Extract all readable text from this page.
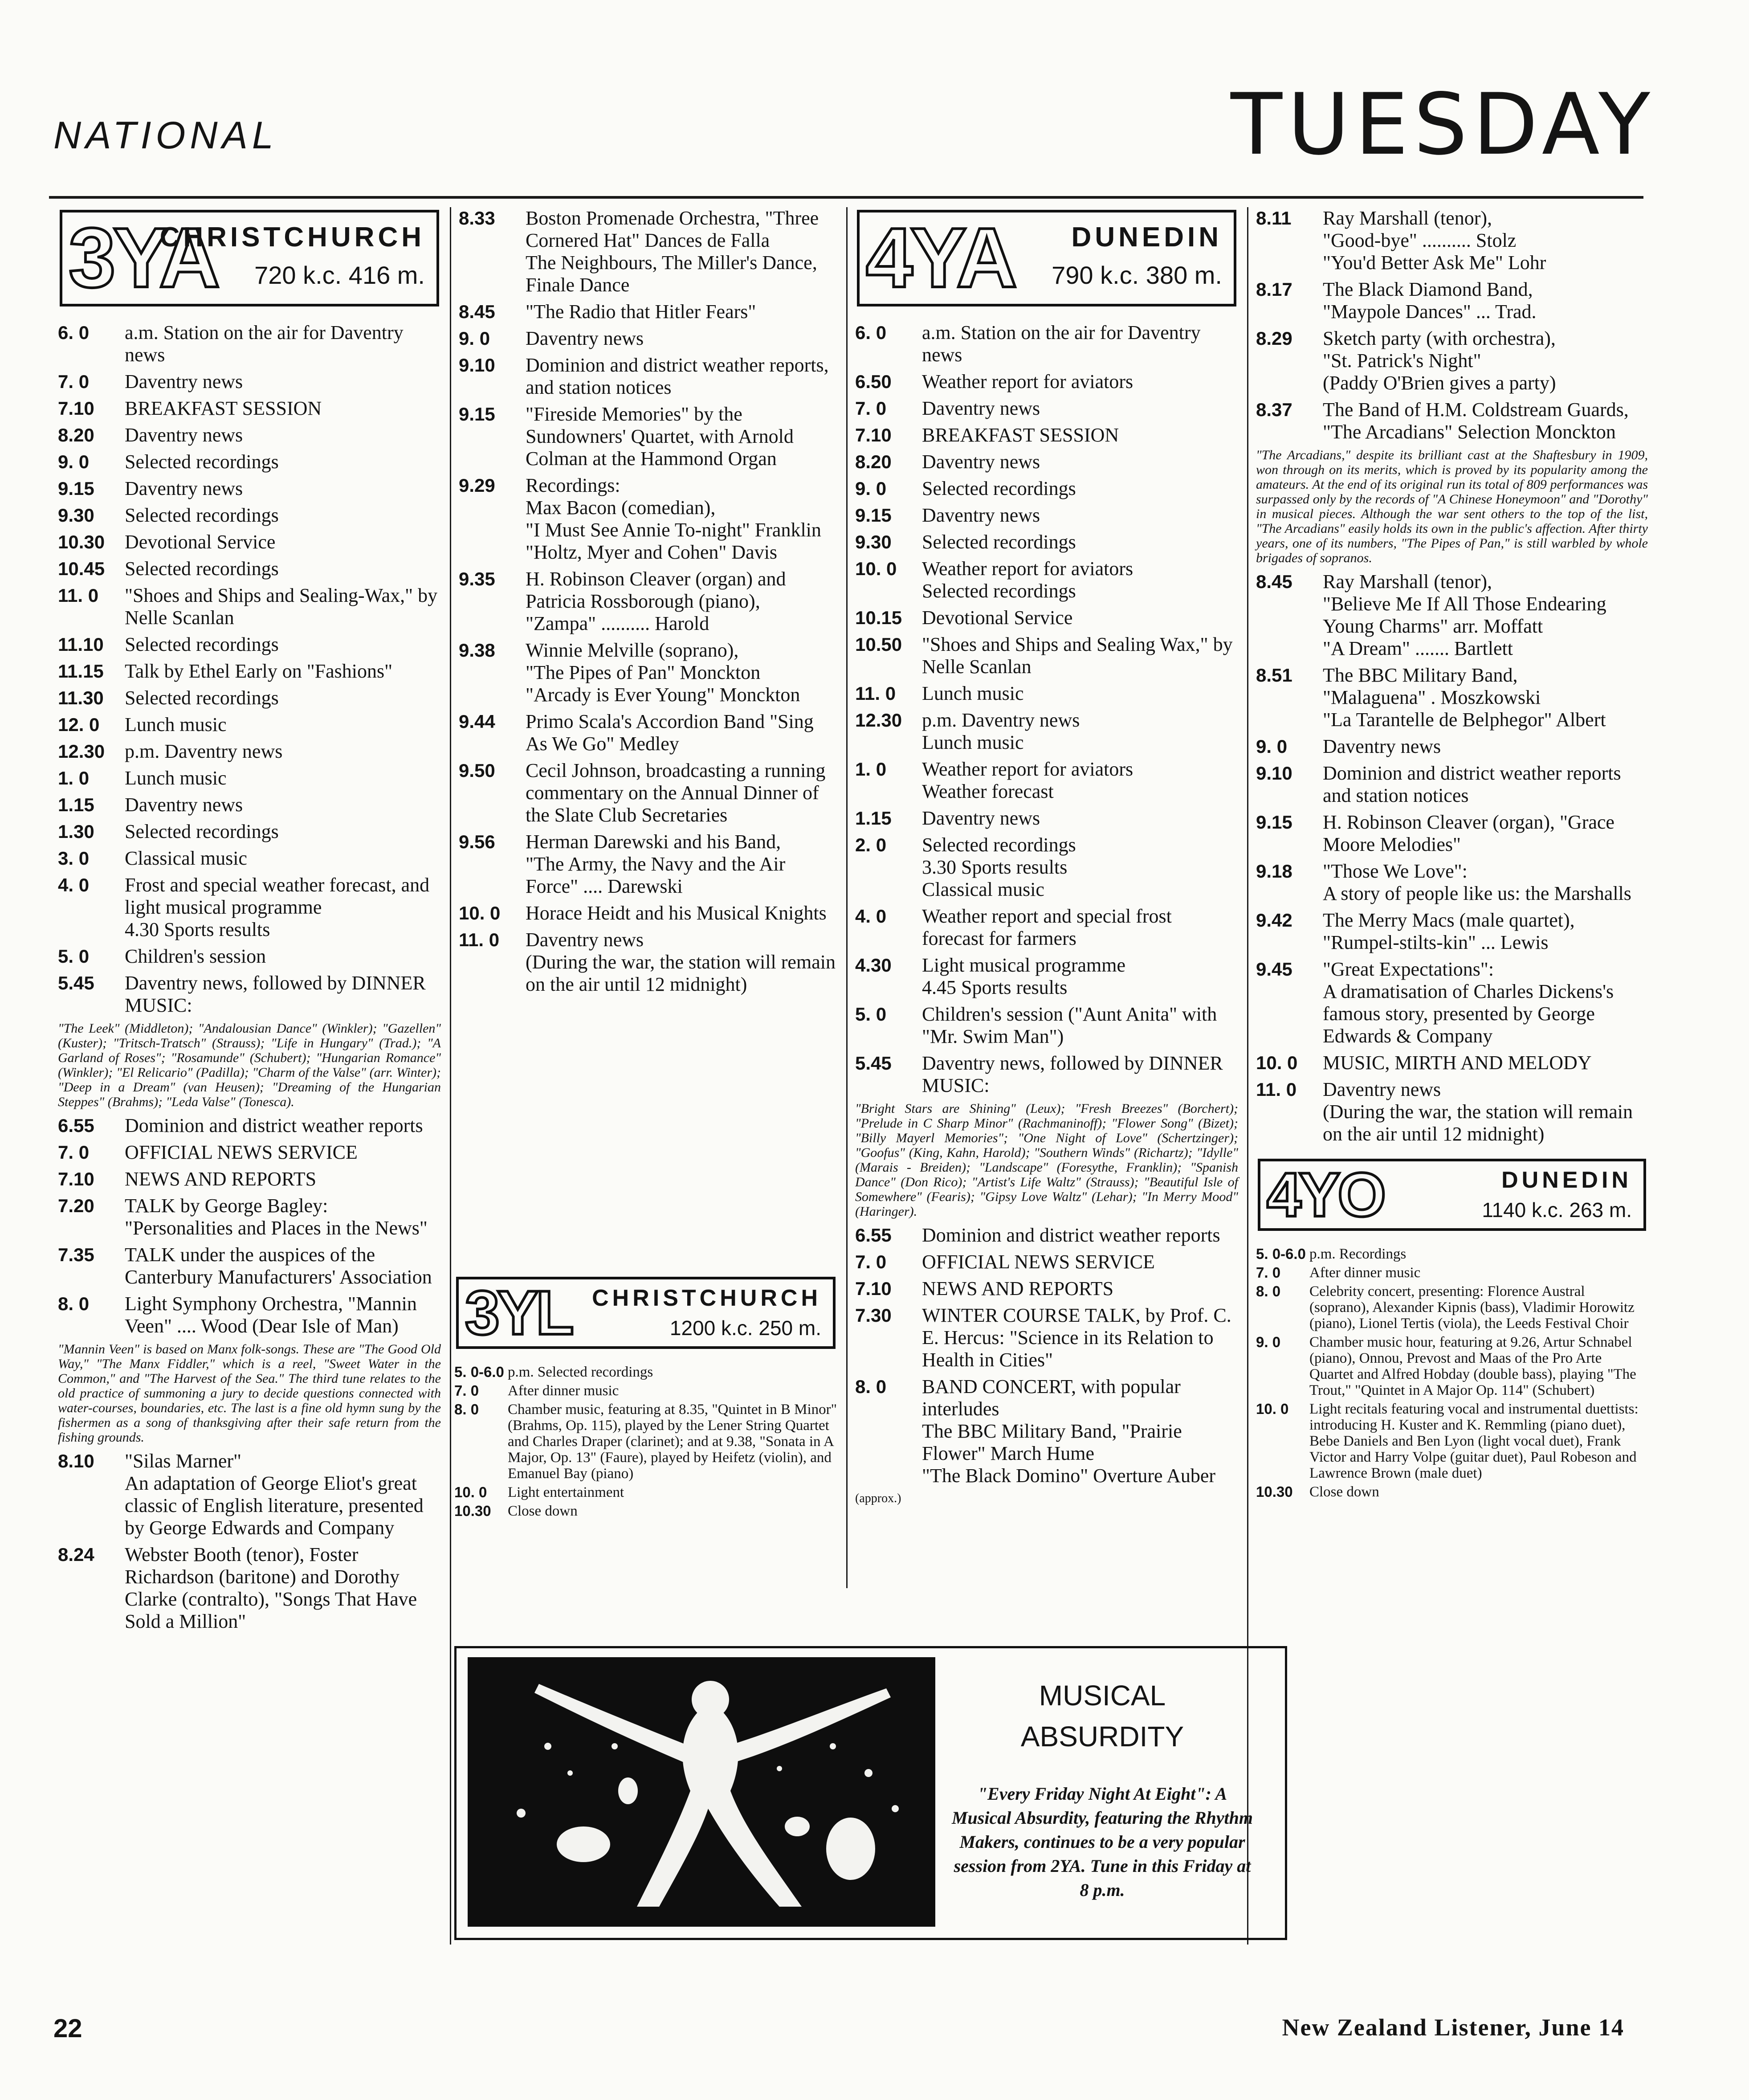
NATIONAL	TUESDAY
3YA
CHRISTCHURCH
720 k.c. 416 m.
6. 0	a.m. Station on the air for Daventry news
7. 0	Daventry news
7.10	BREAKFAST SESSION
8.20	Daventry news
9. 0	Selected recordings
9.15	Daventry news
9.30	Selected recordings
10.30	Devotional Service
10.45	Selected recordings
11. 0	"Shoes and Ships and Sealing-Wax," by Nelle Scanlan
11.10	Selected recordings
11.15	Talk by Ethel Early on "Fashions"
11.30	Selected recordings
12. 0	Lunch music
12.30	p.m. Daventry news
1. 0	Lunch music
1.15	Daventry news
1.30	Selected recordings
3. 0	Classical music
4. 0	Frost and special weather forecast, and light musical programme
4.30 Sports results
5. 0	Children's session
5.45	Daventry news, followed by DINNER MUSIC:
"The Leek" (Middleton); "Andalousian Dance" (Winkler); "Gazellen" (Kuster); "Tritsch-Tratsch" (Strauss); "Life in Hungary" (Trad.); "A Garland of Roses"; "Rosamunde" (Schubert); "Hungarian Romance" (Winkler); "El Relicario" (Padilla); "Charm of the Valse" (arr. Winter); "Deep in a Dream" (van Heusen); "Dreaming of the Hungarian Steppes" (Brahms); "Leda Valse" (Tonesca).
6.55	Dominion and district weather reports
7. 0	OFFICIAL NEWS SERVICE
7.10	NEWS AND REPORTS
7.20	TALK by George Bagley: "Personalities and Places in the News"
7.35	TALK under the auspices of the Canterbury Manufacturers' Association
8. 0	Light Symphony Orchestra, "Mannin Veen" .... Wood (Dear Isle of Man)
"Mannin Veen" is based on Manx folk-songs. These are "The Good Old Way," "The Manx Fiddler," which is a reel, "Sweet Water in the Common," and "The Harvest of the Sea." The third tune relates to the old practice of summoning a jury to decide questions connected with water-courses, boundaries, etc. The last is a fine old hymn sung by the fishermen as a song of thanksgiving after their safe return from the fishing grounds.
8.10	"Silas Marner"
An adaptation of George Eliot's great classic of English literature, presented by George Edwards and Company
8.24	Webster Booth (tenor), Foster Richardson (baritone) and Dorothy Clarke (contralto), "Songs That Have Sold a Million"
8.33	Boston Promenade Orchestra, "Three Cornered Hat" Dances de Falla
The Neighbours, The Miller's Dance, Finale Dance
8.45	"The Radio that Hitler Fears"
9. 0	Daventry news
9.10	Dominion and district weather reports, and station notices
9.15	"Fireside Memories" by the Sundowners' Quartet, with Arnold Colman at the Hammond Organ
9.29	Recordings:
Max Bacon (comedian),
"I Must See Annie To-night" Franklin
"Holtz, Myer and Cohen" Davis
9.35	H. Robinson Cleaver (organ) and Patricia Rossborough (piano),
"Zampa" .......... Harold
9.38	Winnie Melville (soprano),
"The Pipes of Pan" Monckton
"Arcady is Ever Young" Monckton
9.44	Primo Scala's Accordion Band "Sing As We Go" Medley
9.50	Cecil Johnson, broadcasting a running commentary on the Annual Dinner of the Slate Club Secretaries
9.56	Herman Darewski and his Band,
"The Army, the Navy and the Air Force" .... Darewski
10. 0	Horace Heidt and his Musical Knights
11. 0	Daventry news
(During the war, the station will remain on the air until 12 midnight)
3YL CHRISTCHURCH
1200 k.c. 250 m.
5. 0-6.0 p.m. Selected recordings
7. 0	After dinner music
8. 0	Chamber music, featuring at 8.35, "Quintet in B Minor" (Brahms, Op. 115), played by the Lener String Quartet and Charles Draper (clarinet); and at 9.38, "Sonata in A Major, Op. 13" (Faure), played by Heifetz (violin), and Emanuel Bay (piano)
10. 0	Light entertainment
10.30	Close down
4YA DUNEDIN
790 k.c. 380 m.
6. 0	a.m. Station on the air for Daventry news
6.50	Weather report for aviators
7. 0	Daventry news
7.10	BREAKFAST SESSION
8.20	Daventry news
9. 0	Selected recordings
9.15	Daventry news
9.30	Selected recordings
10. 0	Weather report for aviators
Selected recordings
10.15	Devotional Service
10.50	"Shoes and Ships and Sealing Wax," by Nelle Scanlan
11. 0	Lunch music
12.30	p.m. Daventry news
Lunch music
1. 0	Weather report for aviators
Weather forecast
1.15	Daventry news
2. 0	Selected recordings
3.30 Sports results
Classical music
4. 0	Weather report and special frost forecast for farmers
4.30	Light musical programme
4.45 Sports results
5. 0	Children's session ("Aunt Anita" with "Mr. Swim Man")
5.45	Daventry news, followed by DINNER MUSIC:
"Bright Stars are Shining" (Leux); "Fresh Breezes" (Borchert); "Prelude in C Sharp Minor" (Rachmaninoff); "Flower Song" (Bizet); "Billy Mayerl Memories"; "One Night of Love" (Schertzinger); "Goofus" (King, Kahn, Harold); "Southern Winds" (Richartz); "Idylle" (Marais - Breiden); "Landscape" (Foresythe, Franklin); "Spanish Dance" (Don Rico); "Artist's Life Waltz" (Strauss); "Beautiful Isle of Somewhere" (Fearis); "Gipsy Love Waltz" (Lehar); "In Merry Mood" (Haringer).
6.55	Dominion and district weather reports
7. 0	OFFICIAL NEWS SERVICE
7.10	NEWS AND REPORTS
7.30	WINTER COURSE TALK, by Prof. C. E. Hercus: "Science in its Relation to Health in Cities"
8. 0	BAND CONCERT, with popular interludes
The BBC Military Band, "Prairie Flower" March Hume
"The Black Domino" Overture Auber
(approx.)
8.11	Ray Marshall (tenor),
"Good-bye" .......... Stolz
"You'd Better Ask Me" Lohr
8.17	The Black Diamond Band,
"Maypole Dances" ... Trad.
8.29	Sketch party (with orchestra),
"St. Patrick's Night"
(Paddy O'Brien gives a party)
8.37	The Band of H.M. Coldstream Guards,
"The Arcadians" Selection Monckton
"The Arcadians," despite its brilliant cast at the Shaftesbury in 1909, won through on its merits, which is proved by its popularity among the amateurs. At the end of its original run its total of 809 performances was surpassed only by the records of "A Chinese Honeymoon" and "Dorothy" in musical pieces. Although the war sent others to the top of the list, "The Arcadians" easily holds its own in the public's affection. After thirty years, one of its numbers, "The Pipes of Pan," is still warbled by whole brigades of sopranos.
8.45	Ray Marshall (tenor),
"Believe Me If All Those Endearing Young Charms" arr. Moffatt
"A Dream" ....... Bartlett
8.51	The BBC Military Band,
"Malaguena" . Moszkowski
"La Tarantelle de Belphegor" Albert
9. 0	Daventry news
9.10	Dominion and district weather reports and station notices
9.15	H. Robinson Cleaver (organ), "Grace Moore Melodies"
9.18	"Those We Love":
A story of people like us: the Marshalls
9.42	The Merry Macs (male quartet),
"Rumpel-stilts-kin" ... Lewis
9.45	"Great Expectations":
A dramatisation of Charles Dickens's famous story, presented by George Edwards & Company
10. 0	MUSIC, MIRTH AND MELODY
11. 0	Daventry news
(During the war, the station will remain on the air until 12 midnight)
4YO	DUNEDIN
1140 k.c. 263 m.
5. 0-6.0 p.m. Recordings
7. 0	After dinner music
8. 0	Celebrity concert, presenting: Florence Austral (soprano), Alexander Kipnis (bass), Vladimir Horowitz (piano), Lionel Tertis (viola), the Leeds Festival Choir
9. 0	Chamber music hour, featuring at 9.26, Artur Schnabel (piano), Onnou, Prevost and Maas of the Pro Arte Quartet and Alfred Hobday (double bass), playing "The Trout," "Quintet in A Major Op. 114" (Schubert)
10. 0	Light recitals featuring vocal and instrumental duettists: introducing H. Kuster and K. Remmling (piano duet), Bebe Daniels and Ben Lyon (light vocal duet), Frank Victor and Harry Volpe (guitar duet), Paul Robeson and Lawrence Brown (male duet)
10.30	Close down
MUSICAL
ABSURDITY
"Every Friday Night At Eight": A Musical Absurdity, featuring the Rhythm Makers, continues to be a very popular session from 2YA. Tune in this Friday at 8 p.m.
22	New Zealand Listener, June 14
